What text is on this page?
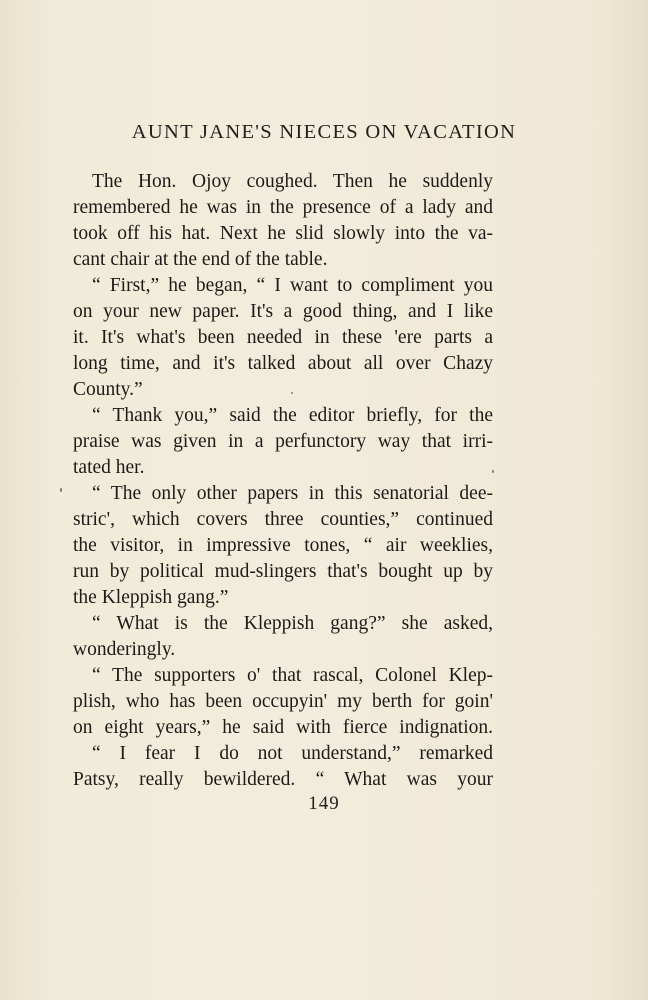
AUNT JANE'S NIECES ON VACATION
The Hon. Ojoy coughed. Then he suddenly
remembered he was in the presence of a lady and
took off his hat. Next he slid slowly into the va-
cant chair at the end of the table.
“ First,” he began, “ I want to compliment you
on your new paper. It's a good thing, and I like
it. It's what's been needed in these 'ere parts a
long time, and it's talked about all over Chazy
County.”
“ Thank you,” said the editor briefly, for the
praise was given in a perfunctory way that irri-
tated her.
“ The only other papers in this senatorial dee-
stric', which covers three counties,” continued
the visitor, in impressive tones, “ air weeklies,
run by political mud-slingers that's bought up by
the Kleppish gang.”
“ What is the Kleppish gang?” she asked,
wonderingly.
“ The supporters o' that rascal, Colonel Klep-
plish, who has been occupyin' my berth for goin'
on eight years,” he said with fierce indignation.
“ I fear I do not understand,” remarked
Patsy, really bewildered. “ What was your
149
